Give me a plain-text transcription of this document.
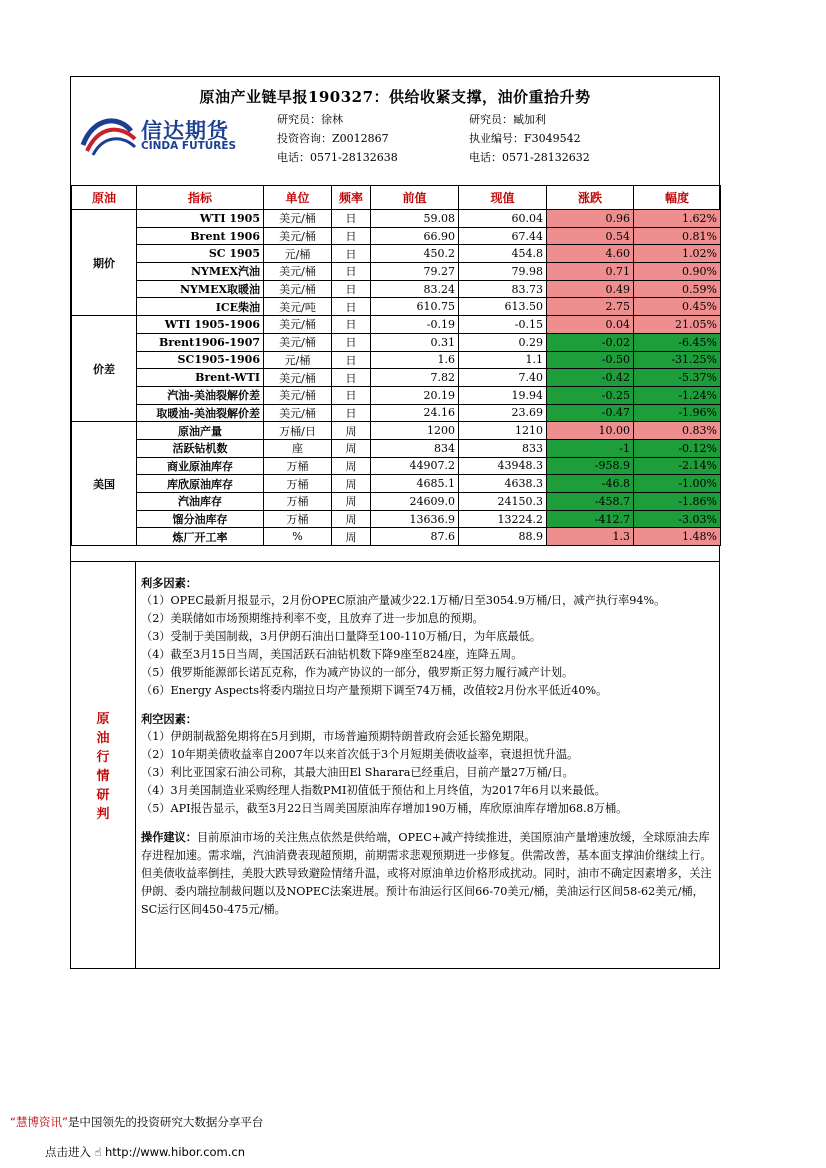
原油产业链早报190327：供给收紧支撑，油价重拾升势
信达期货
CINDA FUTURES
研究员：徐林
投资咨询：Z0012867
电话：0571-28132638
研究员：臧加利
执业编号：F3049542
电话：0571-28132632
原油	指标	单位	频率	前值	现值	涨跌	幅度
期价	WTI 1905	美元/桶	日	59.08	60.04	0.96	1.62%
	Brent 1906	美元/桶	日	66.90	67.44	0.54	0.81%
	SC 1905	元/桶	日	450.2	454.8	4.60	1.02%
	NYMEX汽油	美元/桶	日	79.27	79.98	0.71	0.90%
	NYMEX取暖油	美元/桶	日	83.24	83.73	0.49	0.59%
	ICE柴油	美元/吨	日	610.75	613.50	2.75	0.45%
价差	WTI 1905-1906	美元/桶	日	-0.19	-0.15	0.04	21.05%
	Brent1906-1907	美元/桶	日	0.31	0.29	-0.02	-6.45%
	SC1905-1906	元/桶	日	1.6	1.1	-0.50	-31.25%
	Brent-WTI	美元/桶	日	7.82	7.40	-0.42	-5.37%
	汽油-美油裂解价差	美元/桶	日	20.19	19.94	-0.25	-1.24%
	取暖油-美油裂解价差	美元/桶	日	24.16	23.69	-0.47	-1.96%
美国	原油产量	万桶/日	周	1200	1210	10.00	0.83%
	活跃钻机数	座	周	834	833	-1	-0.12%
	商业原油库存	万桶	周	44907.2	43948.3	-958.9	-2.14%
	库欣原油库存	万桶	周	4685.1	4638.3	-46.8	-1.00%
	汽油库存	万桶	周	24609.0	24150.3	-458.7	-1.86%
	馏分油库存	万桶	周	13636.9	13224.2	-412.7	-3.03%
	炼厂开工率	%	周	87.6	88.9	1.3	1.48%
原
油
行
情
研
判
利多因素：
（1）OPEC最新月报显示，2月份OPEC原油产量减少22.1万桶/日至3054.9万桶/日，减产执行率94%。
（2）美联储如市场预期维持利率不变，且放弃了进一步加息的预期。
（3）受制于美国制裁，3月伊朗石油出口量降至100-110万桶/日，为年底最低。
（4）截至3月15日当周，美国活跃石油钻机数下降9座至824座，连降五周。
（5）俄罗斯能源部长诺瓦克称，作为减产协议的一部分，俄罗斯正努力履行减产计划。
（6）Energy Aspects将委内瑞拉日均产量预期下调至74万桶，改值较2月份水平低近40%。
利空因素：
（1）伊朗制裁豁免期将在5月到期，市场普遍预期特朗普政府会延长豁免期限。
（2）10年期美债收益率自2007年以来首次低于3个月短期美债收益率，衰退担忧升温。
（3）利比亚国家石油公司称，其最大油田El Sharara已经重启，目前产量27万桶/日。
（4）3月美国制造业采购经理人指数PMI初值低于预估和上月终值，为2017年6月以来最低。
（5）API报告显示，截至3月22日当周美国原油库存增加190万桶，库欣原油库存增加68.8万桶。
操作建议：目前原油市场的关注焦点依然是供给端，OPEC+减产持续推进，美国原油产量增速放缓，全球原油去库存进程加速。需求端，汽油消费表现超预期，前期需求悲观预期进一步修复。供需改善，基本面支撑油价继续上行。但美债收益率倒挂，美股大跌导致避险情绪升温，或将对原油单边价格形成扰动。同时，油市不确定因素增多，关注伊朗、委内瑞拉制裁问题以及NOPEC法案进展。预计布油运行区间66-70美元/桶，美油运行区间58-62美元/桶，SC运行区间450-475元/桶。
“慧博资讯”是中国领先的投资研究大数据分享平台
点击进入 ☝ http://www.hibor.com.cn
